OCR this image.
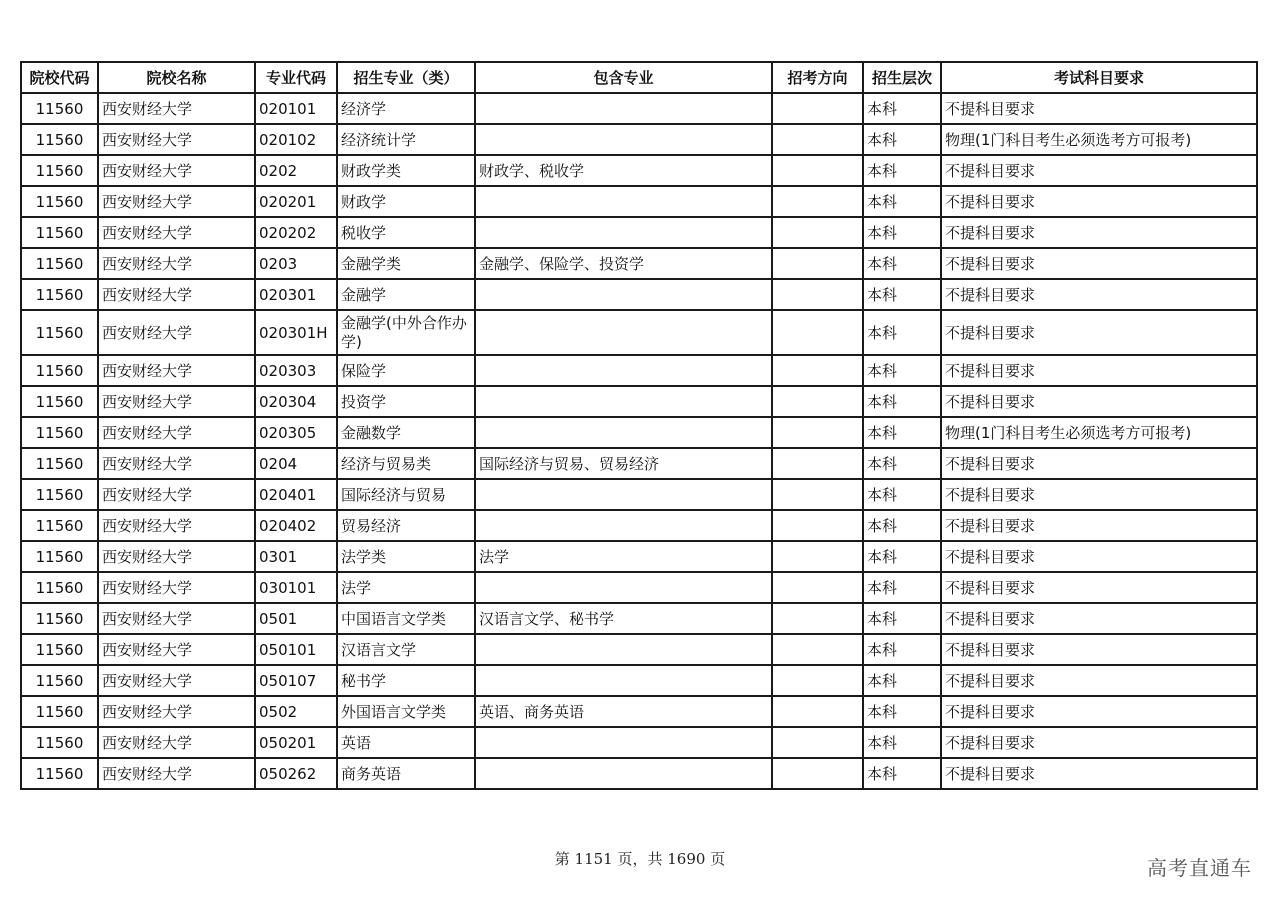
院校代码	院校名称	专业代码	招生专业（类）	包含专业	招考方向	招生层次	考试科目要求
11560	西安财经大学	020101	经济学			本科	不提科目要求
11560	西安财经大学	020102	经济统计学			本科	物理(1门科目考生必须选考方可报考)
11560	西安财经大学	0202	财政学类	财政学、税收学		本科	不提科目要求
11560	西安财经大学	020201	财政学			本科	不提科目要求
11560	西安财经大学	020202	税收学			本科	不提科目要求
11560	西安财经大学	0203	金融学类	金融学、保险学、投资学		本科	不提科目要求
11560	西安财经大学	020301	金融学			本科	不提科目要求
11560	西安财经大学	020301H	金融学(中外合作办学)			本科	不提科目要求
11560	西安财经大学	020303	保险学			本科	不提科目要求
11560	西安财经大学	020304	投资学			本科	不提科目要求
11560	西安财经大学	020305	金融数学			本科	物理(1门科目考生必须选考方可报考)
11560	西安财经大学	0204	经济与贸易类	国际经济与贸易、贸易经济		本科	不提科目要求
11560	西安财经大学	020401	国际经济与贸易			本科	不提科目要求
11560	西安财经大学	020402	贸易经济			本科	不提科目要求
11560	西安财经大学	0301	法学类	法学		本科	不提科目要求
11560	西安财经大学	030101	法学			本科	不提科目要求
11560	西安财经大学	0501	中国语言文学类	汉语言文学、秘书学		本科	不提科目要求
11560	西安财经大学	050101	汉语言文学			本科	不提科目要求
11560	西安财经大学	050107	秘书学			本科	不提科目要求
11560	西安财经大学	0502	外国语言文学类	英语、商务英语		本科	不提科目要求
11560	西安财经大学	050201	英语			本科	不提科目要求
11560	西安财经大学	050262	商务英语			本科	不提科目要求
第 1151 页，共 1690 页	高考直通车
